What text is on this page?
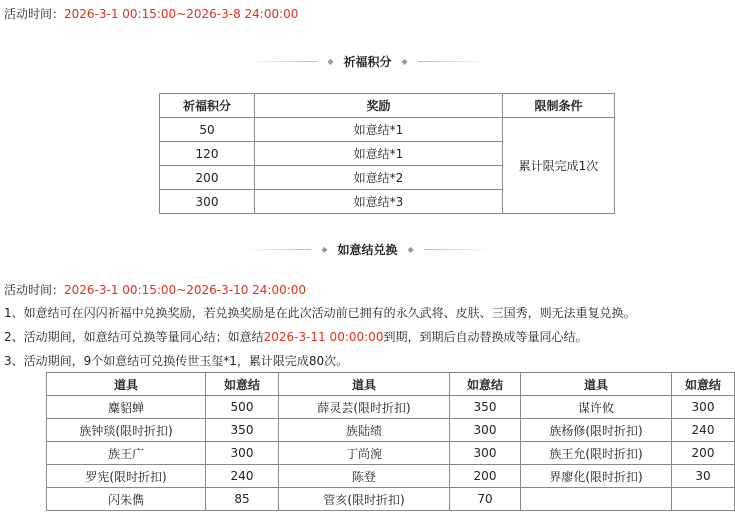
活动时间：2026-3-1 00:15:00~2026-3-8 24:00:00
◆ 祈福积分 ◆
祈福积分	奖励	限制条件
50	如意结*1	累计限完成1次
120	如意结*1	
200	如意结*2	
300	如意结*3	
◆ 如意结兑换 ◆
活动时间：2026-3-1 00:15:00~2026-3-10 24:00:00
1、如意结可在闪闪祈福中兑换奖励，若兑换奖励是在此次活动前已拥有的永久武将、皮肤、三国秀，则无法重复兑换。
2、活动期间，如意结可兑换等量同心结；如意结2026-3-11 00:00:00到期，到期后自动替换成等量同心结。
3、活动期间，9个如意结可兑换传世玉玺*1，累计限完成80次。
道具	如意结	道具	如意结	道具	如意结
麋貂蝉	500	薛灵芸(限时折扣)	350	谋许攸	300
族钟琰(限时折扣)	350	族陆绩	300	族杨修(限时折扣)	240
族王广	300	丁尚涴	300	族王允(限时折扣)	200
罗宪(限时折扣)	240	陈登	200	界廖化(限时折扣)	30
闪朱儁	85	管亥(限时折扣)	70		
